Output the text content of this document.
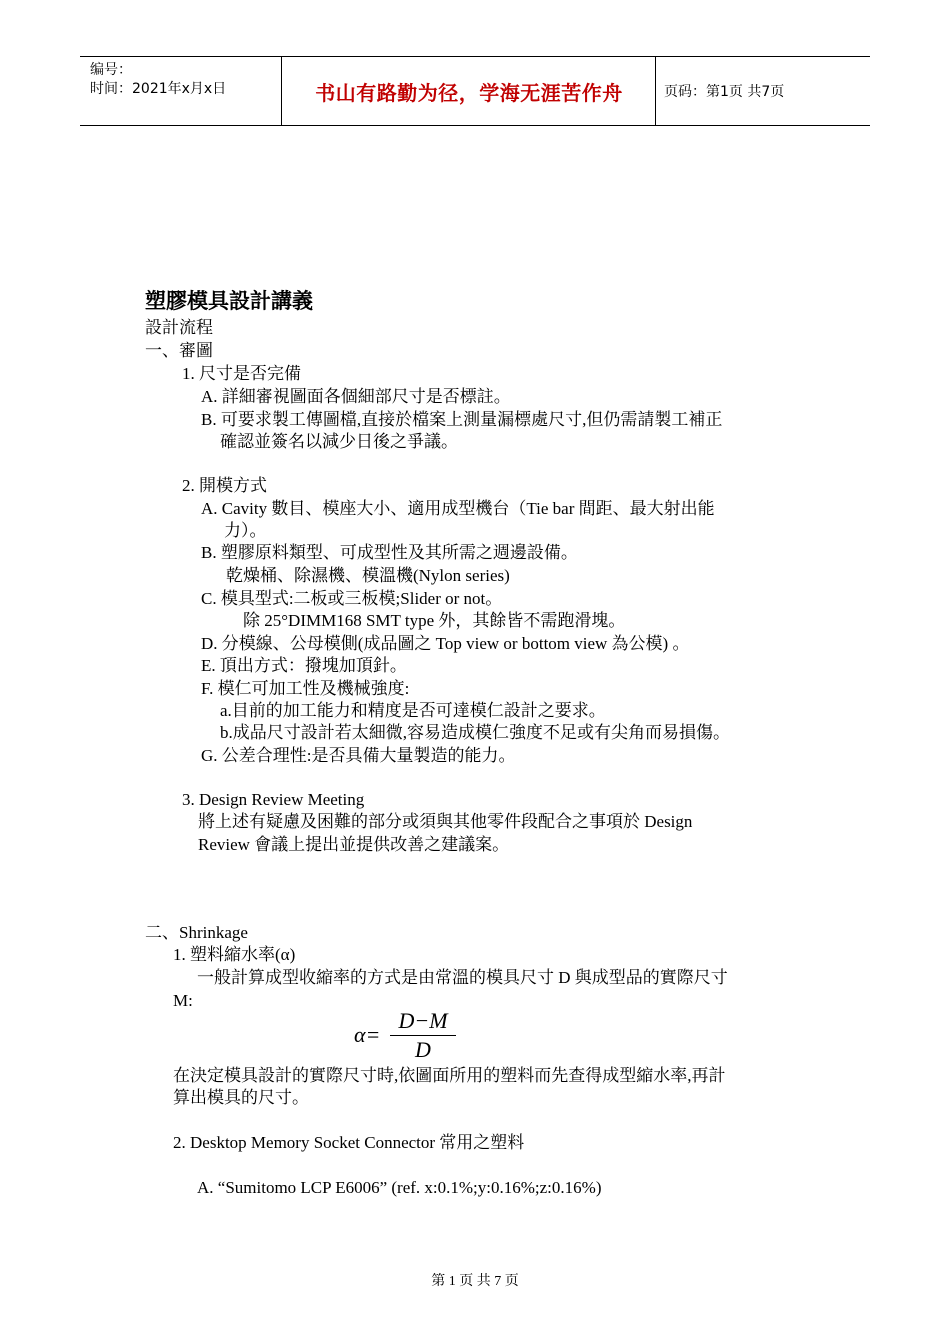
编号：
时间：2021年x月x日	书山有路勤为径，学海无涯苦作舟	页码：第1页 共7页
塑膠模具設計講義
設計流程
一、審圖
1. 尺寸是否完備
A. 詳細審視圖面各個細部尺寸是否標註。
B. 可要求製工傳圖檔,直接於檔案上測量漏標處尺寸,但仍需請製工補正
確認並簽名以減少日後之爭議。
2. 開模方式
A. Cavity 數目、模座大小、適用成型機台（Tie bar 間距、最大射出能
力）。
B. 塑膠原料類型、可成型性及其所需之週邊設備。
乾燥桶、除濕機、模溫機(Nylon series)
C. 模具型式:二板或三板模;Slider or not。
除 25°DIMM168 SMT type 外，其餘皆不需跑滑塊。
D. 分模線、公母模側(成品圖之 Top view or bottom view 為公模) 。
E. 頂出方式：撥塊加頂針。
F. 模仁可加工性及機械強度:
a.目前的加工能力和精度是否可達模仁設計之要求。
b.成品尺寸設計若太細微,容易造成模仁強度不足或有尖角而易損傷。
G. 公差合理性:是否具備大量製造的能力。
3. Design Review Meeting
將上述有疑慮及困難的部分或須與其他零件段配合之事項於 Design
Review 會議上提出並提供改善之建議案。
二、Shrinkage
1. 塑料縮水率(α)
一般計算成型收縮率的方式是由常溫的模具尺寸 D 與成型品的實際尺寸
M:
α=
D−M
D
在決定模具設計的實際尺寸時,依圖面所用的塑料而先查得成型縮水率,再計
算出模具的尺寸。
2. Desktop Memory Socket Connector 常用之塑料
A. “Sumitomo LCP E6006” (ref. x:0.1%;y:0.16%;z:0.16%)
第 1 页 共 7 页
